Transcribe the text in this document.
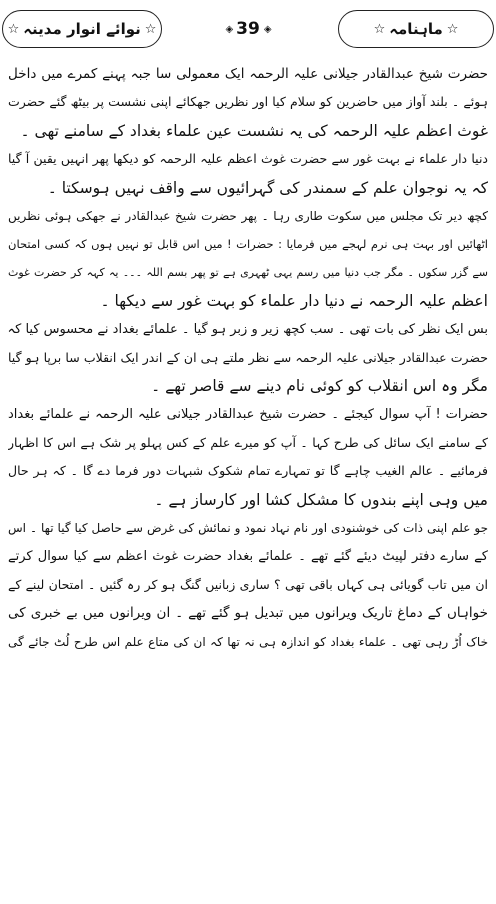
☆
نوائے انوار مدینہ
☆	◈ 39 ◈	☆
ماہنامہ
☆
حضرت شیخ عبدالقادر جیلانی علیہ الرحمہ ایک معمولی سا جبہ پہنے کمرے میں داخل
ہوئے ۔ بلند آواز میں حاضرین کو سلام کیا اور نظریں جھکائے اپنی نشست پر بیٹھ گئے حضرت
غوث اعظم علیہ الرحمہ کی یہ نشست عین علماء بغداد کے سامنے تھی ۔
دنیا دار علماء نے بہت غور سے حضرت غوث اعظم علیہ الرحمہ کو دیکھا پھر انہیں یقین آ گیا
کہ یہ نوجوان علم کے سمندر کی گہرائیوں سے واقف نہیں ہوسکتا ۔
کچھ دیر تک مجلس میں سکوت طاری رہا ۔ پھر حضرت شیخ عبدالقادر نے جھکی ہوئی نظریں
اٹھائیں اور بہت ہی نرم لہجے میں فرمایا : حضرات ! میں اس قابل تو نہیں ہوں کہ کسی امتحان
سے گزر سکوں ۔ مگر جب دنیا میں رسم یہی ٹھہری ہے تو پھر بسم اللہ ۔۔۔ یہ کہہ کر حضرت غوث
اعظم علیہ الرحمہ نے دنیا دار علماء کو بہت غور سے دیکھا ۔
بس ایک نظر کی بات تھی ۔ سب کچھ زیر و زبر ہو گیا ۔ علمائے بغداد نے محسوس کیا کہ
حضرت عبدالقادر جیلانی علیہ الرحمہ سے نظر ملتے ہی ان کے اندر ایک انقلاب سا برپا ہو گیا
مگر وہ اس انقلاب کو کوئی نام دینے سے قاصر تھے ۔
حضرات ! آپ سوال کیجئے ۔ حضرت شیخ عبدالقادر جیلانی علیہ الرحمہ نے علمائے بغداد
کے سامنے ایک سائل کی طرح کہا ۔ آپ کو میرے علم کے کس پہلو پر شک ہے اس کا اظہار
فرمائیے ۔ عالم الغیب چاہے گا تو تمہارے تمام شکوک شبہات دور فرما دے گا ۔ کہ ہر حال
میں وہی اپنے بندوں کا مشکل کشا اور کارساز ہے ۔
جو علم اپنی ذات کی خوشنودی اور نام نہاد نمود و نمائش کی غرض سے حاصل کیا گیا تھا ۔ اس
کے سارے دفتر لپیٹ دیئے گئے تھے ۔ علمائے بغداد حضرت غوث اعظم سے کیا سوال کرتے
ان میں تاب گویائی ہی کہاں باقی تھی ؟ ساری زبانیں گنگ ہو کر رہ گئیں ۔ امتحان لینے کے
خواہاں کے دماغ تاریک ویرانوں میں تبدیل ہو گئے تھے ۔ ان ویرانوں میں بے خبری کی
خاک اُڑ رہی تھی ۔ علماء بغداد کو اندازہ ہی نہ تھا کہ ان کی متاع علم اس طرح لُٹ جائے گی
